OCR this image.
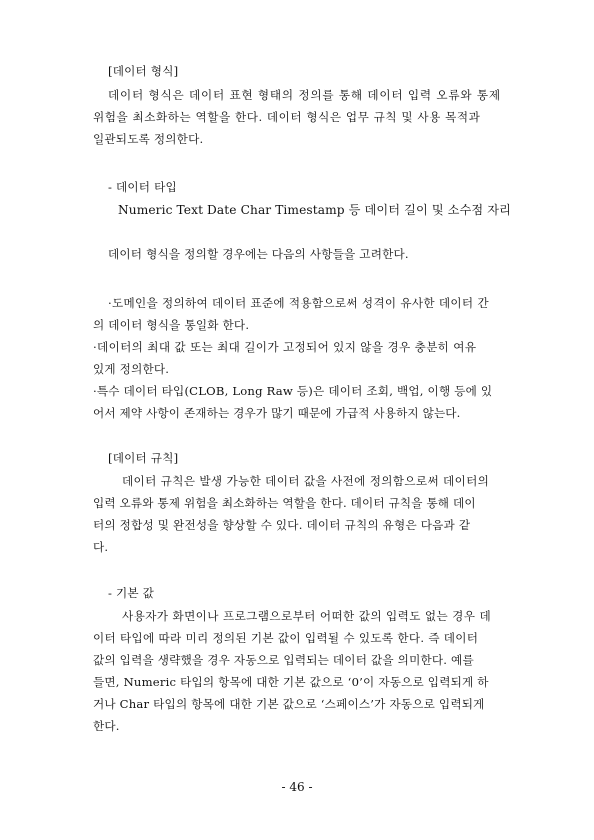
[데이터 형식]
데이터 형식은 데이터 표현 형태의 정의를 통해 데이터 입력 오류와 통제
위험을 최소화하는 역할을 한다. 데이터 형식은 업무 규칙 및 사용 목적과
일관되도록 정의한다.
- 데이터 타입
Numeric Text Date Char Timestamp 등 데이터 길이 및 소수점 자리
데이터 형식을 정의할 경우에는 다음의 사항들을 고려한다.
·도메인을 정의하여 데이터 표준에 적용함으로써 성격이 유사한 데이터 간
의 데이터 형식을 통일화 한다.
·데이터의 최대 값 또는 최대 길이가 고정되어 있지 않을 경우 충분히 여유
있게 정의한다.
·특수 데이터 타입(CLOB, Long Raw 등)은 데이터 조회, 백업, 이행 등에 있
어서 제약 사항이 존재하는 경우가 많기 때문에 가급적 사용하지 않는다.
[데이터 규칙]
데이터 규칙은 발생 가능한 데이터 값을 사전에 정의함으로써 데이터의
입력 오류와 통제 위험을 최소화하는 역할을 한다. 데이터 규칙을 통해 데이
터의 정합성 및 완전성을 향상할 수 있다. 데이터 규칙의 유형은 다음과 같
다.
- 기본 값
사용자가 화면이나 프로그램으로부터 어떠한 값의 입력도 없는 경우 데
이터 타입에 따라 미리 정의된 기본 값이 입력될 수 있도록 한다. 즉 데이터
값의 입력을 생략했을 경우 자동으로 입력되는 데이터 값을 의미한다. 예를
들면, Numeric 타입의 항목에 대한 기본 값으로 ‘0’이 자동으로 입력되게 하
거나 Char 타입의 항목에 대한 기본 값으로 ‘스페이스’가 자동으로 입력되게
한다.
- 46 -
